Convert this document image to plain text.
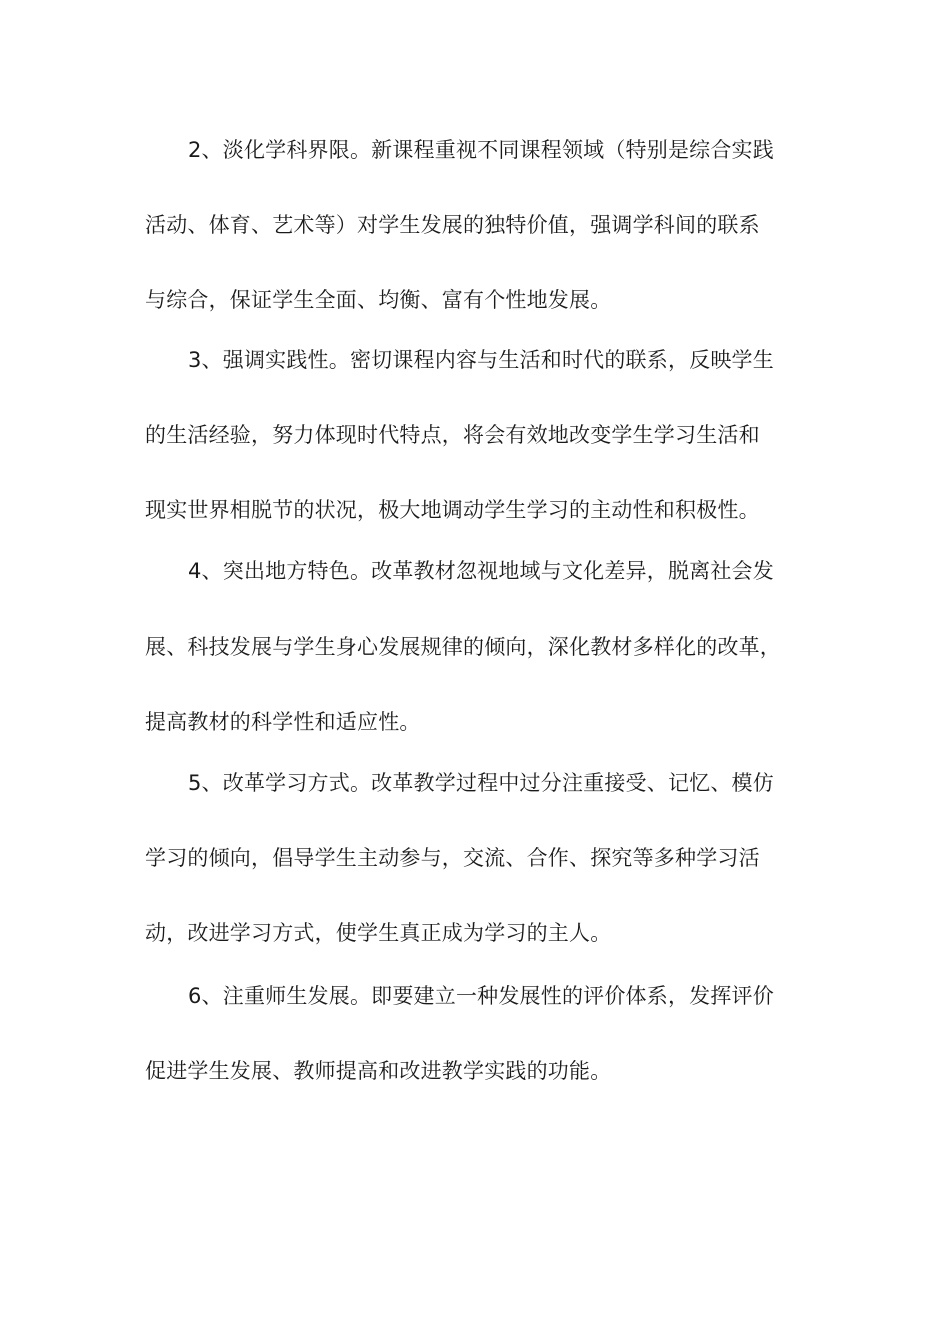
2、淡化学科界限。新课程重视不同课程领域（特别是综合实践
活动、体育、艺术等）对学生发展的独特价值，强调学科间的联系
与综合，保证学生全面、均衡、富有个性地发展。
3、强调实践性。密切课程内容与生活和时代的联系，反映学生
的生活经验，努力体现时代特点，将会有效地改变学生学习生活和
现实世界相脱节的状况，极大地调动学生学习的主动性和积极性。
4、突出地方特色。改革教材忽视地域与文化差异，脱离社会发
展、科技发展与学生身心发展规律的倾向，深化教材多样化的改革，
提高教材的科学性和适应性。
5、改革学习方式。改革教学过程中过分注重接受、记忆、模仿
学习的倾向，倡导学生主动参与，交流、合作、探究等多种学习活
动，改进学习方式，使学生真正成为学习的主人。
6、注重师生发展。即要建立一种发展性的评价体系，发挥评价
促进学生发展、教师提高和改进教学实践的功能。
